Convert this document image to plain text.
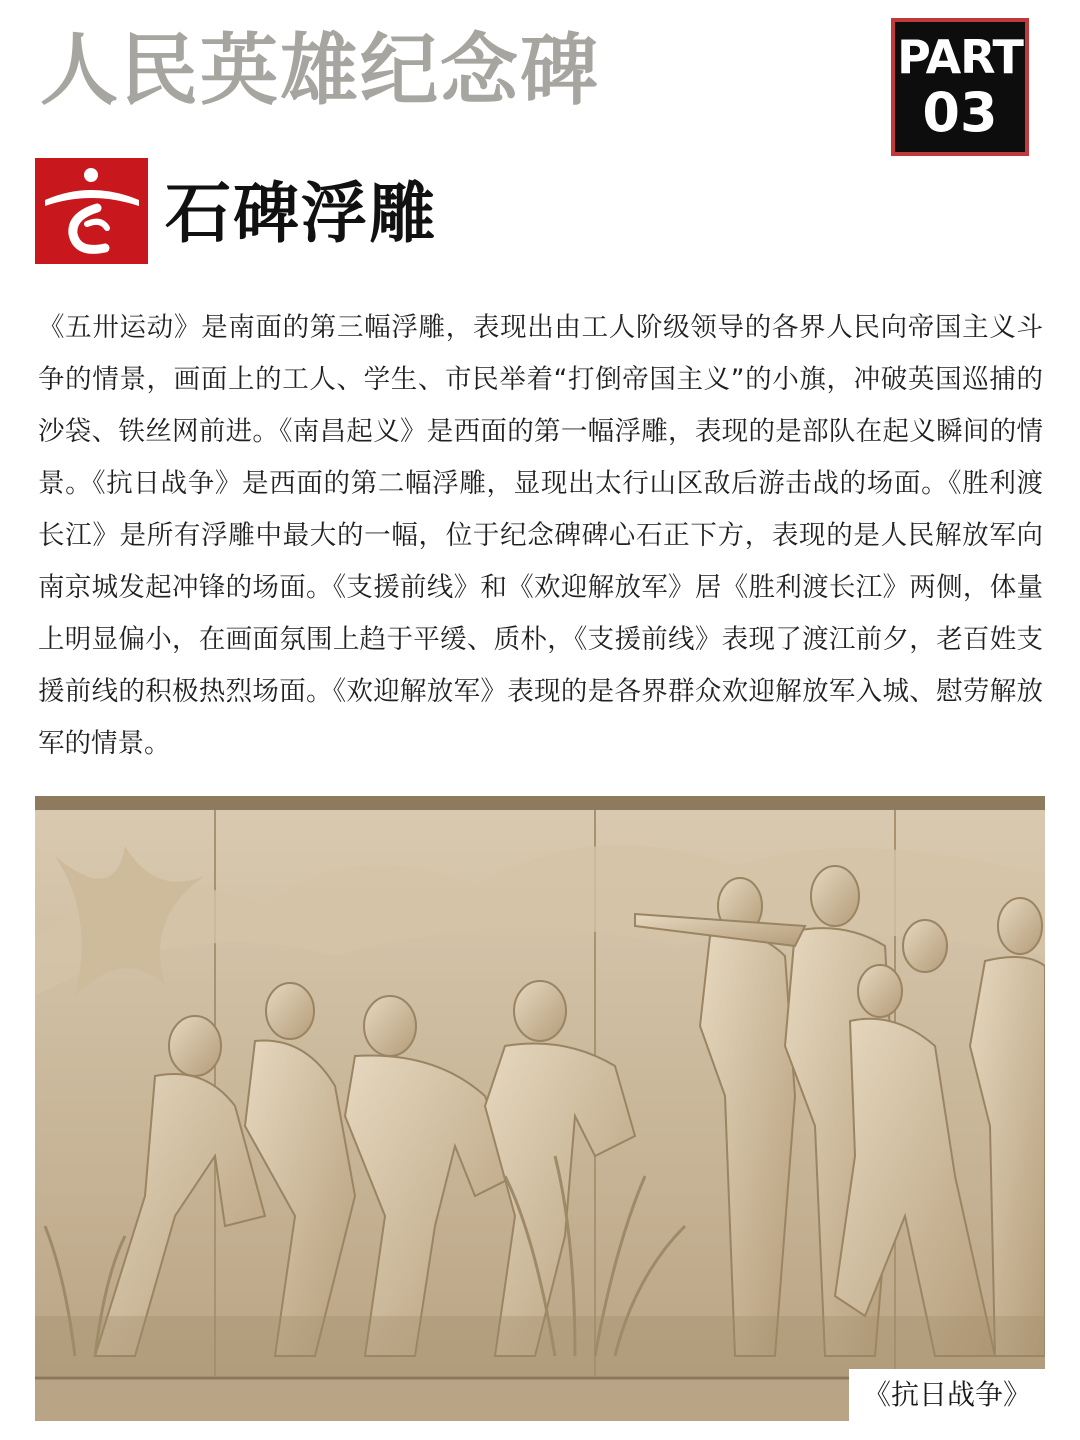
人民英雄纪念碑	PART
03
石碑浮雕

《五卅运动》是南面的第三幅浮雕，表现出由工人阶级领导的各界人民向帝国主义斗争的情景，画面上的工人、学生、市民举着“打倒帝国主义”的小旗，冲破英国巡捕的沙袋、铁丝网前进。《南昌起义》是西面的第一幅浮雕，表现的是部队在起义瞬间的情景。《抗日战争》是西面的第二幅浮雕，显现出太行山区敌后游击战的场面。《胜利渡长江》是所有浮雕中最大的一幅，位于纪念碑碑心石正下方，表现的是人民解放军向南京城发起冲锋的场面。《支援前线》和《欢迎解放军》居《胜利渡长江》两侧，体量上明显偏小，在画面氛围上趋于平缓、质朴，《支援前线》表现了渡江前夕，老百姓支援前线的积极热烈场面。《欢迎解放军》表现的是各界群众欢迎解放军入城、慰劳解放军的情景。

《抗日战争》
